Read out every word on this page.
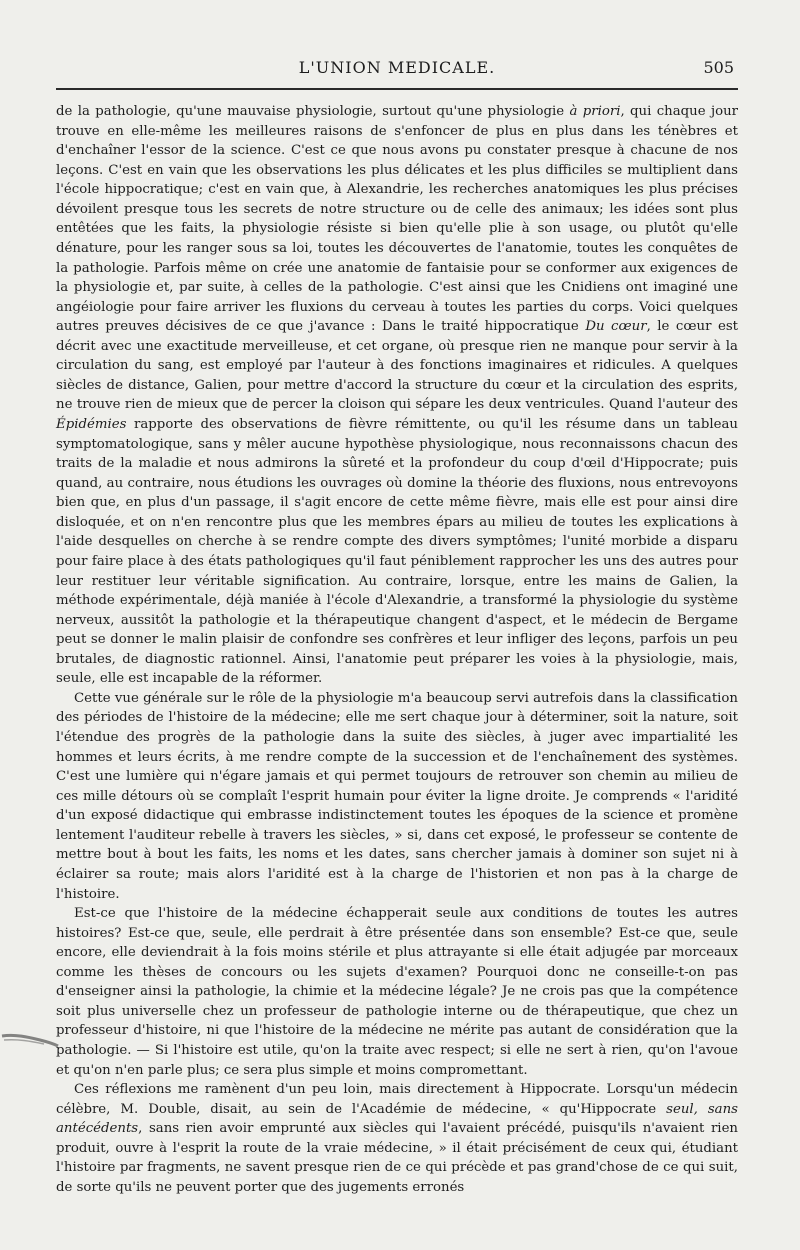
L'UNION MEDICALE.	505

de la pathologie, qu'une mauvaise physiologie, surtout qu'une physiologie à priori, qui chaque jour trouve en elle-même les meilleures raisons de s'enfoncer de plus en plus dans les ténèbres et d'enchaîner l'essor de la science. C'est ce que nous avons pu constater presque à chacune de nos leçons. C'est en vain que les observations les plus délicates et les plus difficiles se multiplient dans l'école hippocratique; c'est en vain que, à Alexandrie, les recherches anatomiques les plus précises dévoilent presque tous les secrets de notre structure ou de celle des animaux; les idées sont plus entêtées que les faits, la physiologie résiste si bien qu'elle plie à son usage, ou plutôt qu'elle dénature, pour les ranger sous sa loi, toutes les découvertes de l'anatomie, toutes les conquêtes de la pathologie. Parfois même on crée une anatomie de fantaisie pour se conformer aux exigences de la physiologie et, par suite, à celles de la pathologie. C'est ainsi que les Cnidiens ont imaginé une angéiologie pour faire arriver les fluxions du cerveau à toutes les parties du corps. Voici quelques autres preuves décisives de ce que j'avance : Dans le traité hippocratique Du cœur, le cœur est décrit avec une exactitude merveilleuse, et cet organe, où presque rien ne manque pour servir à la circulation du sang, est employé par l'auteur à des fonctions imaginaires et ridicules. A quelques siècles de distance, Galien, pour mettre d'accord la structure du cœur et la circulation des esprits, ne trouve rien de mieux que de percer la cloison qui sépare les deux ventricules. Quand l'auteur des Épidémies rapporte des observations de fièvre rémittente, ou qu'il les résume dans un tableau symptomatologique, sans y mêler aucune hypothèse physiologique, nous reconnaissons chacun des traits de la maladie et nous admirons la sûreté et la profondeur du coup d'œil d'Hippocrate; puis quand, au contraire, nous étudions les ouvrages où domine la théorie des fluxions, nous entrevoyons bien que, en plus d'un passage, il s'agit encore de cette même fièvre, mais elle est pour ainsi dire disloquée, et on n'en rencontre plus que les membres épars au milieu de toutes les explications à l'aide desquelles on cherche à se rendre compte des divers symptômes; l'unité morbide a disparu pour faire place à des états pathologiques qu'il faut péniblement rapprocher les uns des autres pour leur restituer leur véritable signification. Au contraire, lorsque, entre les mains de Galien, la méthode expérimentale, déjà maniée à l'école d'Alexandrie, a transformé la physiologie du système nerveux, aussitôt la pathologie et la thérapeutique changent d'aspect, et le médecin de Bergame peut se donner le malin plaisir de confondre ses confrères et leur infliger des leçons, parfois un peu brutales, de diagnostic rationnel. Ainsi, l'anatomie peut préparer les voies à la physiologie, mais, seule, elle est incapable de la réformer.

Cette vue générale sur le rôle de la physiologie m'a beaucoup servi autrefois dans la classification des périodes de l'histoire de la médecine; elle me sert chaque jour à déterminer, soit la nature, soit l'étendue des progrès de la pathologie dans la suite des siècles, à juger avec impartialité les hommes et leurs écrits, à me rendre compte de la succession et de l'enchaînement des systèmes. C'est une lumière qui n'égare jamais et qui permet toujours de retrouver son chemin au milieu de ces mille détours où se complaît l'esprit humain pour éviter la ligne droite. Je comprends « l'aridité d'un exposé didactique qui embrasse indistinctement toutes les époques de la science et promène lentement l'auditeur rebelle à travers les siècles, » si, dans cet exposé, le professeur se contente de mettre bout à bout les faits, les noms et les dates, sans chercher jamais à dominer son sujet ni à éclairer sa route; mais alors l'aridité est à la charge de l'historien et non pas à la charge de l'histoire.

Est-ce que l'histoire de la médecine échapperait seule aux conditions de toutes les autres histoires? Est-ce que, seule, elle perdrait à être présentée dans son ensemble? Est-ce que, seule encore, elle deviendrait à la fois moins stérile et plus attrayante si elle était adjugée par morceaux comme les thèses de concours ou les sujets d'examen? Pourquoi donc ne conseille-t-on pas d'enseigner ainsi la pathologie, la chimie et la médecine légale? Je ne crois pas que la compétence soit plus universelle chez un professeur de pathologie interne ou de thérapeutique, que chez un professeur d'histoire, ni que l'histoire de la médecine ne mérite pas autant de considération que la pathologie. — Si l'histoire est utile, qu'on la traite avec respect; si elle ne sert à rien, qu'on l'avoue et qu'on n'en parle plus; ce sera plus simple et moins compromettant.

Ces réflexions me ramènent d'un peu loin, mais directement à Hippocrate. Lorsqu'un médecin célèbre, M. Double, disait, au sein de l'Académie de médecine, « qu'Hippocrate seul, sans antécédents, sans rien avoir emprunté aux siècles qui l'avaient précédé, puisqu'ils n'avaient rien produit, ouvre à l'esprit la route de la vraie médecine, » il était précisément de ceux qui, étudiant l'histoire par fragments, ne savent presque rien de ce qui précède et pas grand'chose de ce qui suit, de sorte qu'ils ne peuvent porter que des jugements erronés
